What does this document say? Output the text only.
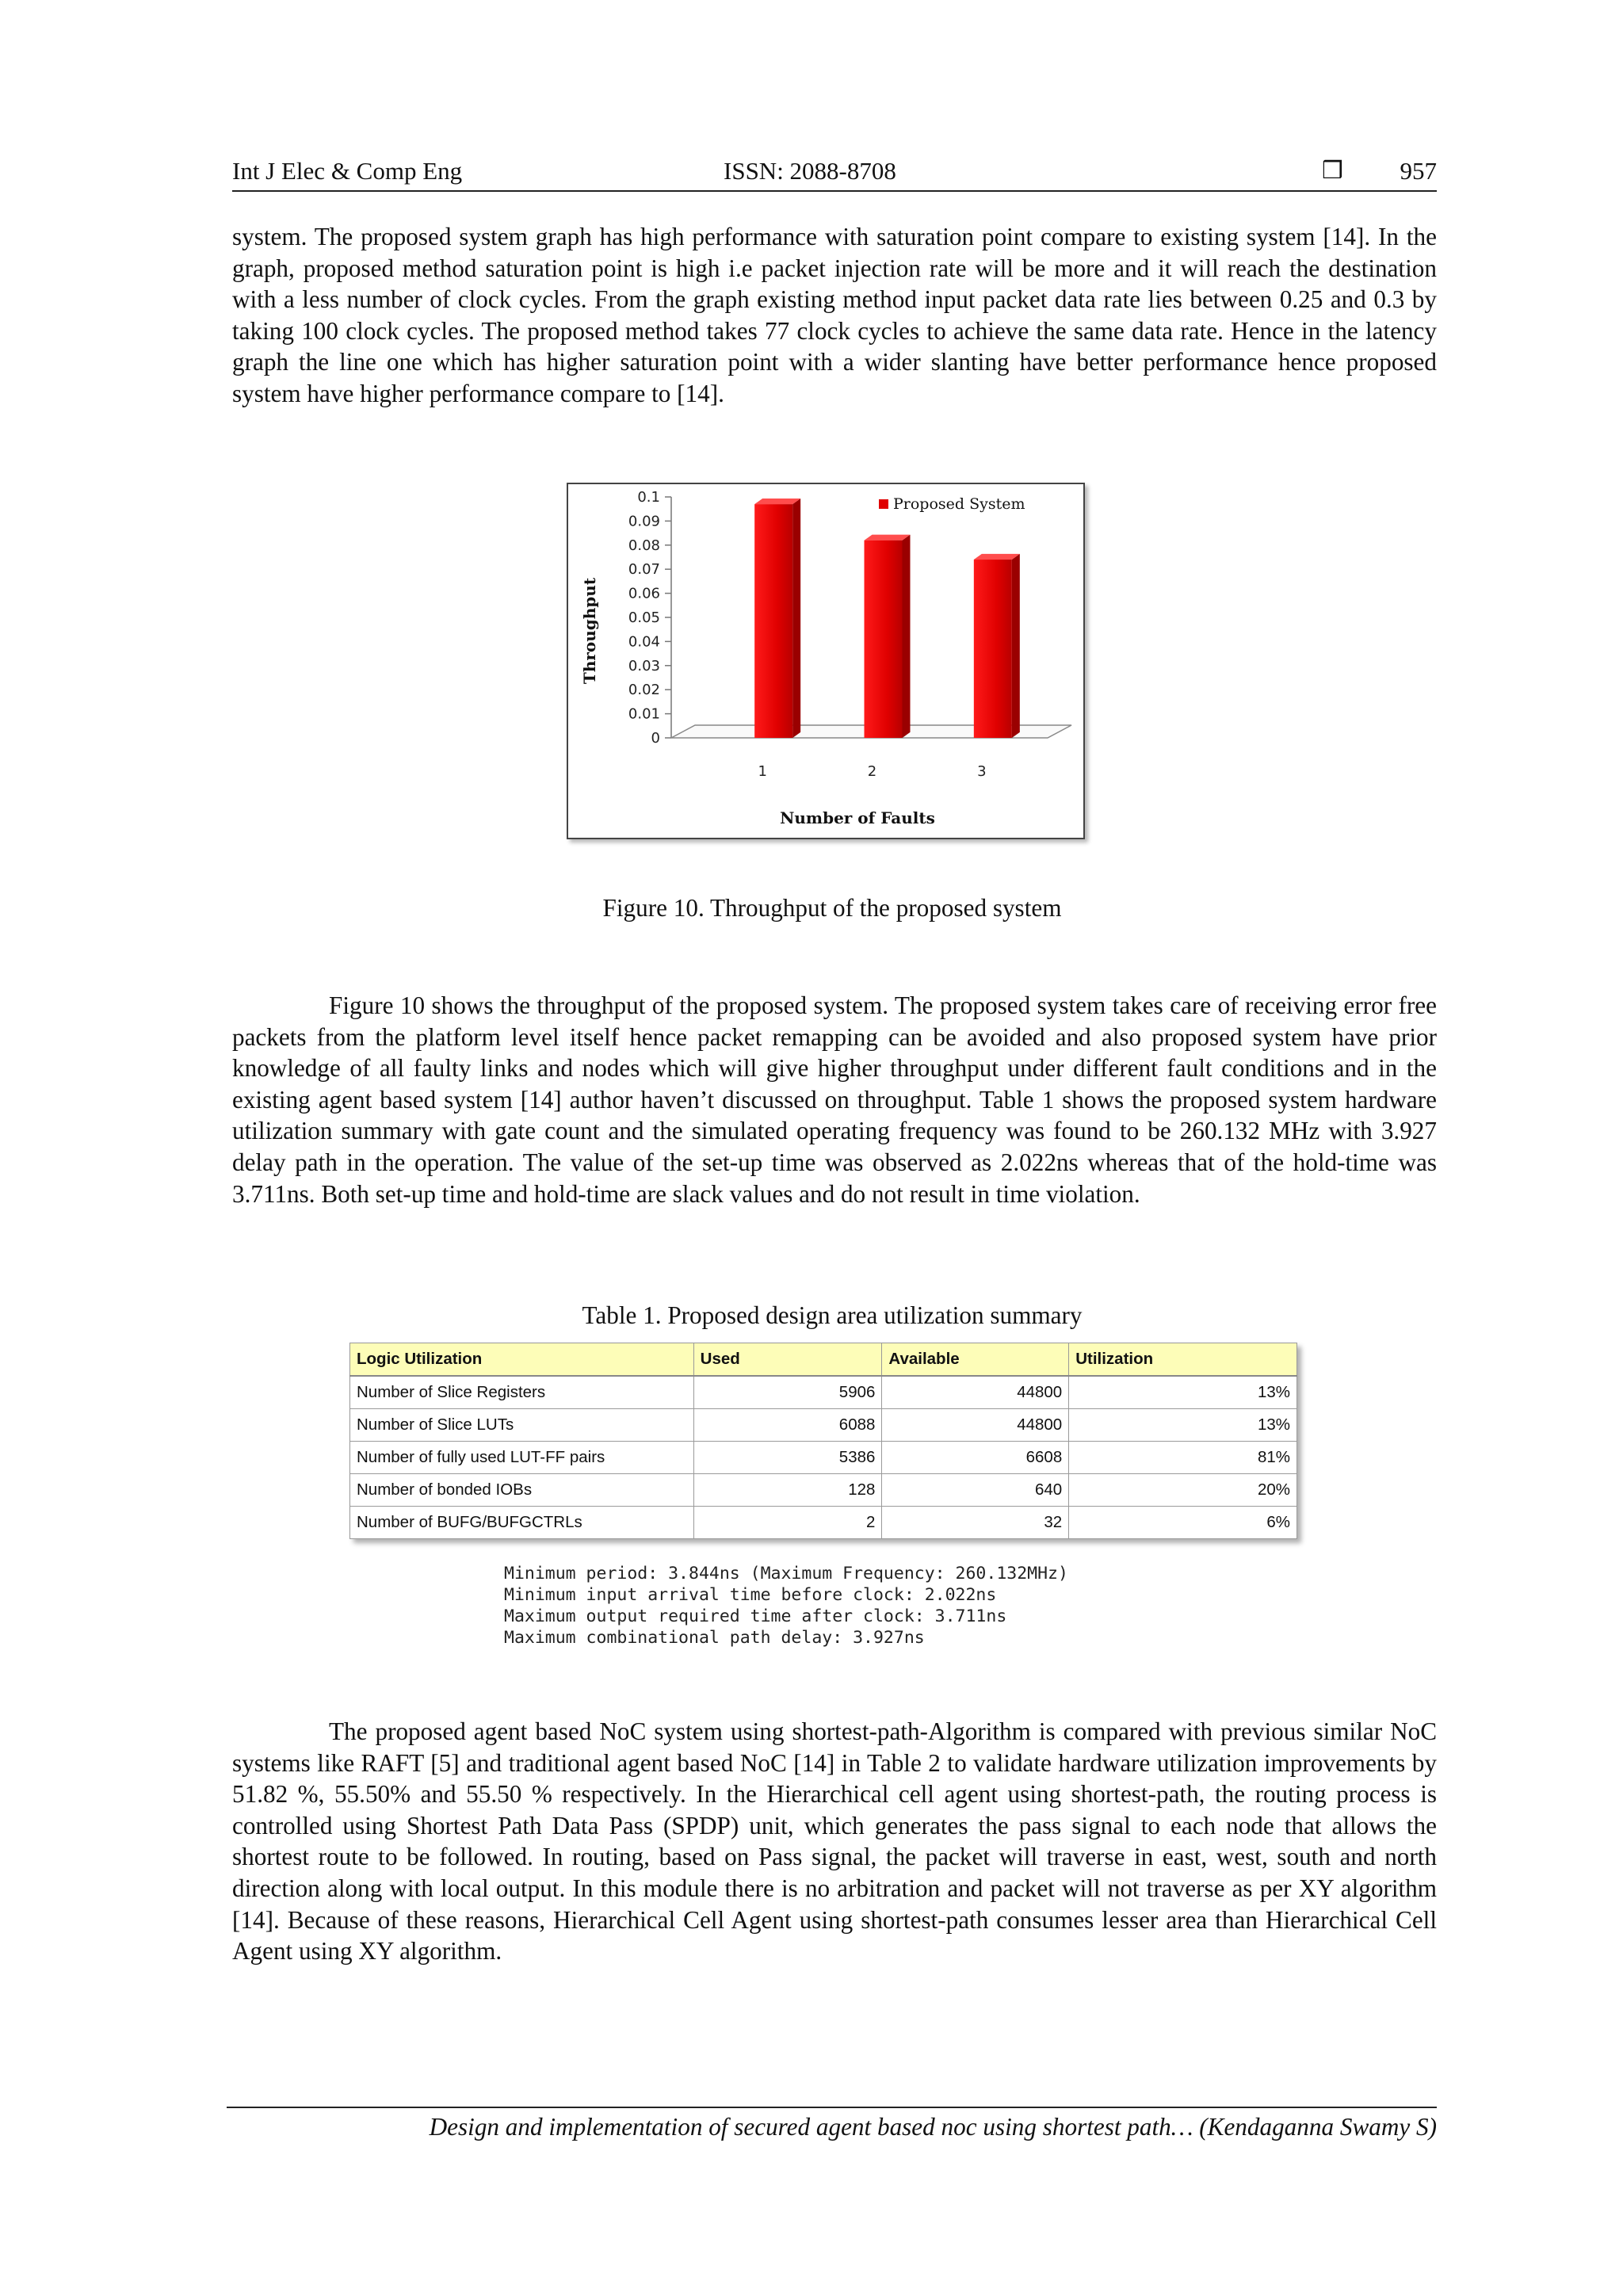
Int J Elec & Comp Eng	ISSN: 2088-8708	❒ 957

system. The proposed system graph has high performance with saturation point compare to existing system [14]. In the graph, proposed method saturation point is high i.e packet injection rate will be more and it will reach the destination with a less number of clock cycles. From the graph existing method input packet data rate lies between 0.25 and 0.3 by taking 100 clock cycles. The proposed method takes 77 clock cycles to achieve the same data rate. Hence in the latency graph the line one which has higher saturation point with a wider slanting have better performance hence proposed system have higher performance compare to [14].

0
0.01
0.02
0.03
0.04
0.05
0.06
0.07
0.08
0.09
0.1
1	2	3
Number of Faults
Throughput
Proposed System
Figure 10. Throughput of the proposed system

Figure 10 shows the throughput of the proposed system. The proposed system takes care of receiving error free packets from the platform level itself hence packet remapping can be avoided and also proposed system have prior knowledge of all faulty links and nodes which will give higher throughput under different fault conditions and in the existing agent based system [14] author haven’t discussed on throughput. Table 1 shows the proposed system hardware utilization summary with gate count and the simulated operating frequency was found to be 260.132 MHz with 3.927 delay path in the operation. The value of the set-up time was observed as 2.022ns whereas that of the hold-time was 3.711ns. Both set-up time and hold-time are slack values and do not result in time violation.

Table 1. Proposed design area utilization summary
Logic Utilization	Used	Available	Utilization
Number of Slice Registers	5906	44800	13%
Number of Slice LUTs	6088	44800	13%
Number of fully used LUT-FF pairs	5386	6608	81%
Number of bonded IOBs	128	640	20%
Number of BUFG/BUFGCTRLs	2	32	6%
Minimum period: 3.844ns (Maximum Frequency: 260.132MHz)
Minimum input arrival time before clock: 2.022ns
Maximum output required time after clock: 3.711ns
Maximum combinational path delay: 3.927ns

The proposed agent based NoC system using shortest-path-Algorithm is compared with previous similar NoC systems like RAFT [5] and traditional agent based NoC [14] in Table 2 to validate hardware utilization improvements by 51.82 %, 55.50% and 55.50 % respectively. In the Hierarchical cell agent using shortest-path, the routing process is controlled using Shortest Path Data Pass (SPDP) unit, which generates the pass signal to each node that allows the shortest route to be followed. In routing, based on Pass signal, the packet will traverse in east, west, south and north direction along with local output. In this module there is no arbitration and packet will not traverse as per XY algorithm [14]. Because of these reasons, Hierarchical Cell Agent using shortest-path consumes lesser area than Hierarchical Cell Agent using XY algorithm.

Design and implementation of secured agent based noc using shortest path… (Kendaganna Swamy S)
